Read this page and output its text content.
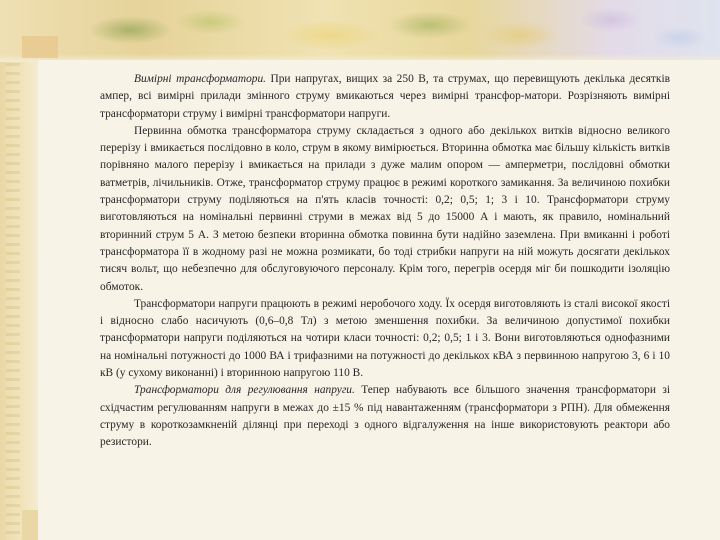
Вимірні трансформатори. При напругах, вищих за 250 В, та струмах, що перевищують декілька десятків ампер, всі вимірні прилади змінного струму вмикаються через вимірні трансфор-матори. Розрізняють вимірні трансформатори струму і вимірні трансформатори напруги.

Первинна обмотка трансформатора струму складається з одного або декількох витків відносно великого перерізу і вмикається послідовно в коло, струм в якому вимірюється. Вторинна обмотка має більшу кількість витків порівняно малого перерізу і вмикається на прилади з дуже малим опором — амперметри, послідовні обмотки ватметрів, лічильників. Отже, трансформатор струму працює в режимі короткого замикання. За величиною похибки трансформатори струму поділяються на п'ять класів точності: 0,2; 0,5; 1; 3 і 10. Трансформатори струму виготовляються на номінальні первинні струми в межах від 5 до 15000 А і мають, як правило, номінальний вторинний струм 5 А. З метою безпеки вторинна обмотка повинна бути надійно заземлена. При вмиканні і роботі трансформатора її в жодному разі не можна розмикати, бо тоді стрибки напруги на ній можуть досягати декількох тисяч вольт, що небезпечно для обслуговуючого персоналу. Крім того, перегрів осердя міг би пошкодити ізоляцію обмоток.

Трансформатори напруги працюють в режимі неробочого ходу. Їх осердя виготовляють із сталі високої якості і відносно слабо насичують (0,6–0,8 Тл) з метою зменшення похибки. За величиною допустимої похибки трансформатори напруги поділяються на чотири класи точності: 0,2; 0,5; 1 і 3. Вони виготовляються однофазними на номінальні потужності до 1000 ВА і трифазними на потужності до декількох кВА з первинною напругою 3, 6 і 10 кВ (у сухому виконанні) і вторинною напругою 110 В.

Трансформатори для регулювання напруги. Тепер набувають все більшого значення трансформатори зі східчастим регулюванням напруги в межах до ±15 % під навантаженням (трансформатори з РПН). Для обмеження струму в короткозамкненій ділянці при переході з одного відгалуження на інше використовують реактори або резистори.
